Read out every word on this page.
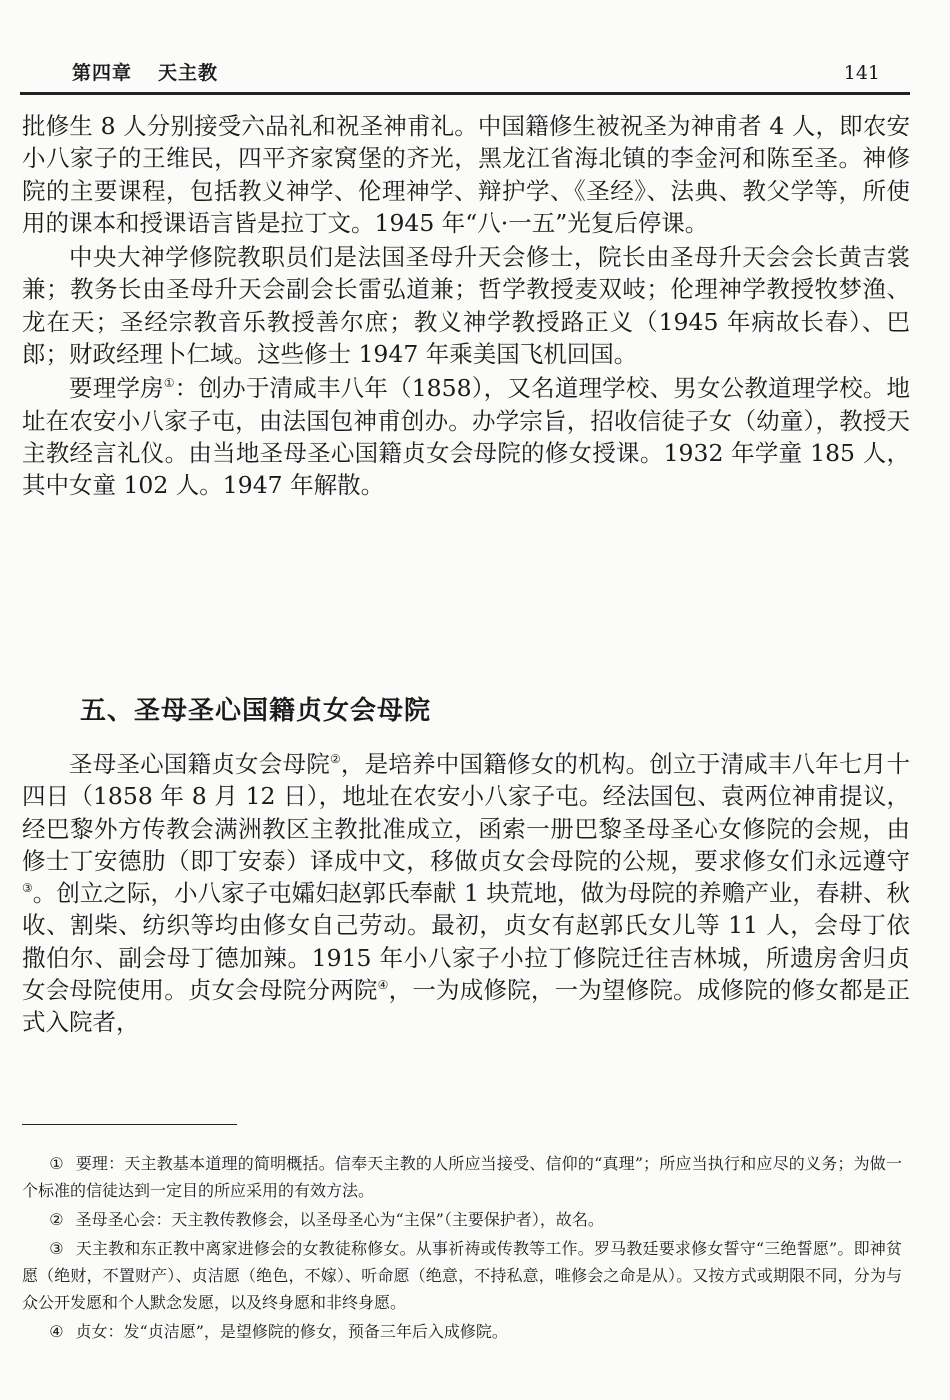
第四章 天主教	141

批修生 8 人分别接受六品礼和祝圣神甫礼。中国籍修生被祝圣为神甫者 4 人，即农安小八家子的王维民，四平齐家窝堡的齐光，黑龙江省海北镇的李金河和陈至圣。神修院的主要课程，包括教义神学、伦理神学、辩护学、《圣经》、法典、教父学等，所使用的课本和授课语言皆是拉丁文。1945 年“八·一五”光复后停课。

中央大神学修院教职员们是法国圣母升天会修士，院长由圣母升天会会长黄吉裳兼；教务长由圣母升天会副会长雷弘道兼；哲学教授麦双岐；伦理神学教授牧梦渔、龙在天；圣经宗教音乐教授善尔庶；教义神学教授路正义（1945 年病故长春）、巴郎；财政经理卜仁域。这些修士 1947 年乘美国飞机回国。

要理学房①：创办于清咸丰八年（1858），又名道理学校、男女公教道理学校。地址在农安小八家子屯，由法国包神甫创办。办学宗旨，招收信徒子女（幼童），教授天主教经言礼仪。由当地圣母圣心国籍贞女会母院的修女授课。1932 年学童 185 人，其中女童 102 人。1947 年解散。

五、圣母圣心国籍贞女会母院

圣母圣心国籍贞女会母院②，是培养中国籍修女的机构。创立于清咸丰八年七月十四日（1858 年 8 月 12 日），地址在农安小八家子屯。经法国包、袁两位神甫提议，经巴黎外方传教会满洲教区主教批准成立，函索一册巴黎圣母圣心女修院的会规，由修士丁安德肋（即丁安泰）译成中文，移做贞女会母院的公规，要求修女们永远遵守③。创立之际，小八家子屯孀妇赵郭氏奉献 1 块荒地，做为母院的养赡产业，春耕、秋收、割柴、纺织等均由修女自己劳动。最初，贞女有赵郭氏女儿等 11 人，会母丁依撒伯尔、副会母丁德加辣。1915 年小八家子小拉丁修院迁往吉林城，所遗房舍归贞女会母院使用。贞女会母院分两院④，一为成修院，一为望修院。成修院的修女都是正式入院者，

① 要理：天主教基本道理的简明概括。信奉天主教的人所应当接受、信仰的“真理”；所应当执行和应尽的义务；为做一个标准的信徒达到一定目的所应采用的有效方法。

② 圣母圣心会：天主教传教修会，以圣母圣心为“主保”（主要保护者），故名。

③ 天主教和东正教中离家进修会的女教徒称修女。从事祈祷或传教等工作。罗马教廷要求修女誓守“三绝誓愿”。即神贫愿（绝财，不置财产）、贞洁愿（绝色，不嫁）、听命愿（绝意，不持私意，唯修会之命是从）。又按方式或期限不同，分为与众公开发愿和个人默念发愿，以及终身愿和非终身愿。

④ 贞女：发“贞洁愿”，是望修院的修女，预备三年后入成修院。
